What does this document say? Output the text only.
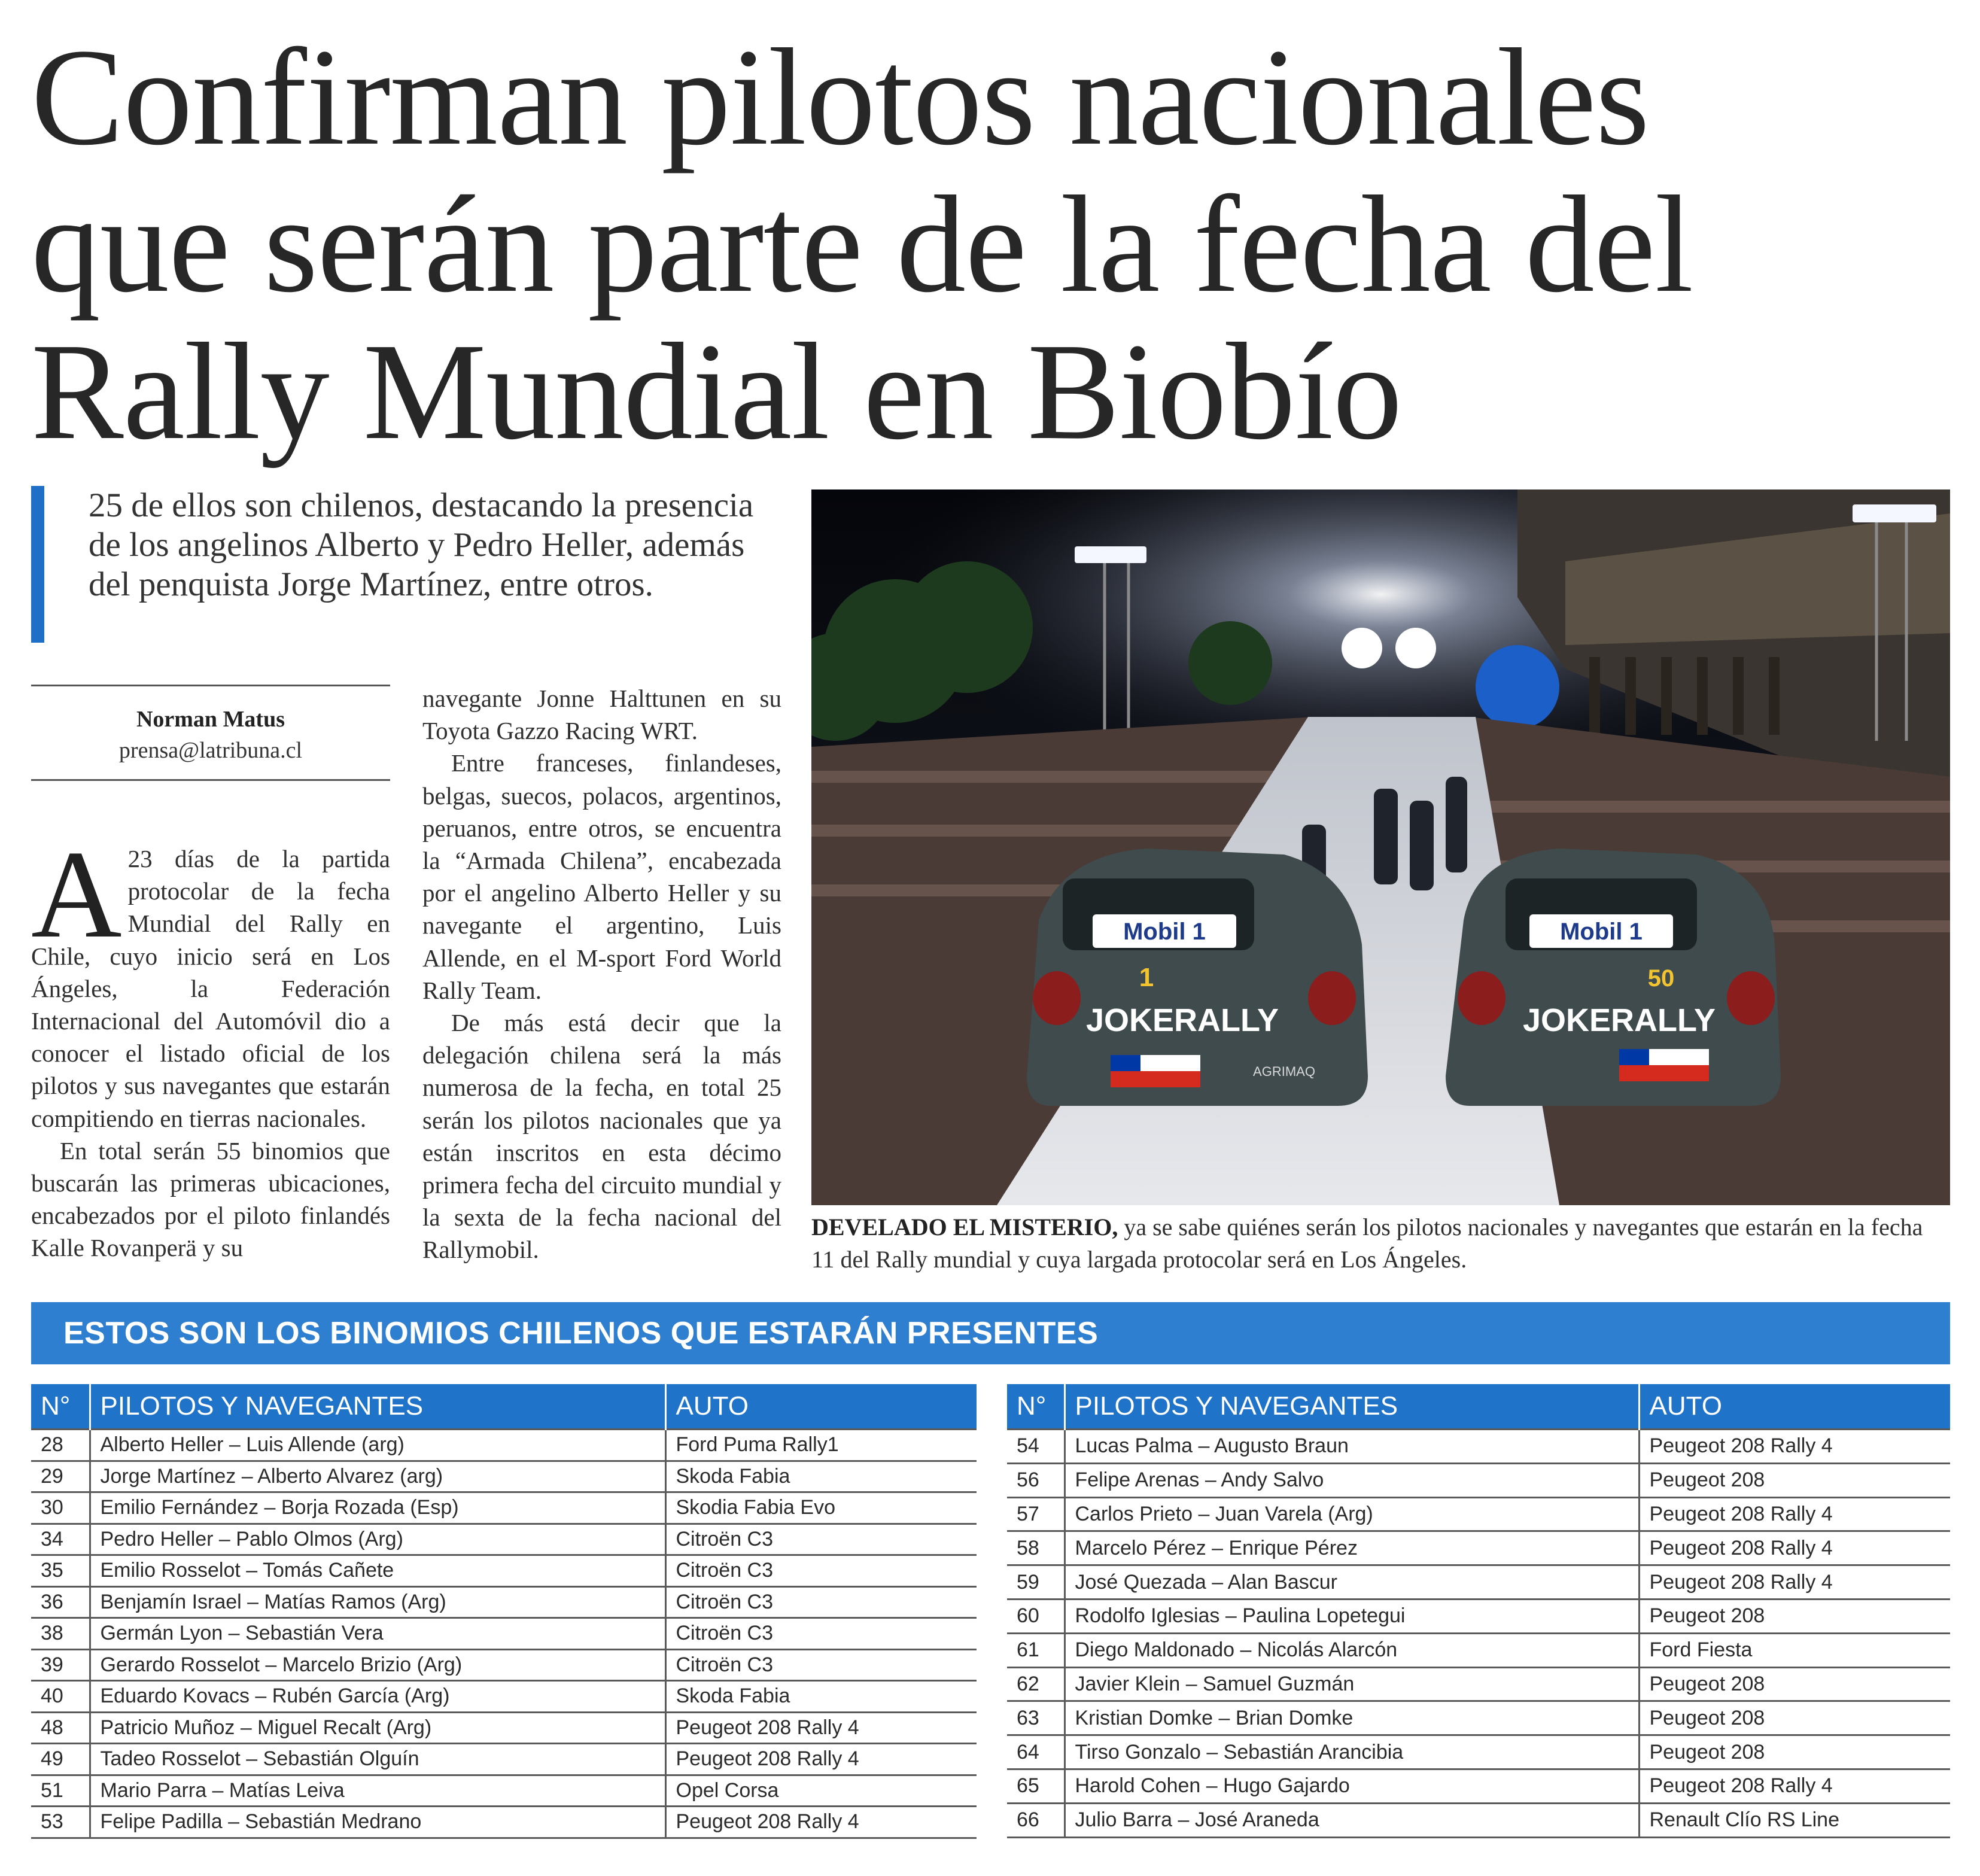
Confirman pilotos nacionales
que serán parte de la fecha del
Rally Mundial en Biobío

25 de ellos son chilenos, destacando la presencia de los angelinos Alberto y Pedro Heller, además del penquista Jorge Martínez, entre otros.

Norman Matus
prensa@latribuna.cl

A 23 días de la partida protocolar de la fecha Mundial del Rally en Chile, cuyo inicio será en Los Ángeles, la Federación Internacional del Automóvil dio a conocer el listado oficial de los pilotos y sus navegantes que estarán compitiendo en tierras nacionales.

En total serán 55 binomios que buscarán las primeras ubicaciones, encabezados por el piloto finlandés Kalle Rovanperä y su

navegante Jonne Halttunen en su Toyota Gazzo Racing WRT.

Entre franceses, finlandeses, belgas, suecos, polacos, argentinos, peruanos, entre otros, se encuentra la “Armada Chilena”, encabezada por el angelino Alberto Heller y su navegante el argentino, Luis Allende, en el M-sport Ford World Rally Team.

De más está decir que la delegación chilena será la más numerosa de la fecha, en total 25 serán los pilotos nacionales que ya están inscritos en esta décimo primera fecha del circuito mundial y la sexta de la fecha nacional del Rallymobil.

Mobil 1
1
JOKERALLY
AGRIMAQ
Mobil 1
50
JOKERALLY
DEVELADO EL MISTERIO, ya se sabe quiénes serán los pilotos nacionales y navegantes que estarán en la fecha 11 del Rally mundial y cuya largada protocolar será en Los Ángeles.
ESTOS SON LOS BINOMIOS CHILENOS QUE ESTARÁN PRESENTES
N°	PILOTOS Y NAVEGANTES	AUTO
28	Alberto Heller – Luis Allende (arg)	Ford Puma Rally1
29	Jorge Martínez – Alberto Alvarez (arg)	Skoda Fabia
30	Emilio Fernández – Borja Rozada (Esp)	Skodia Fabia Evo
34	Pedro Heller – Pablo Olmos (Arg)	Citroën C3
35	Emilio Rosselot – Tomás Cañete	Citroën C3
36	Benjamín Israel – Matías Ramos (Arg)	Citroën C3
38	Germán Lyon – Sebastián Vera	Citroën C3
39	Gerardo Rosselot – Marcelo Brizio (Arg)	Citroën C3
40	Eduardo Kovacs – Rubén García (Arg)	Skoda Fabia
48	Patricio Muñoz – Miguel Recalt (Arg)	Peugeot 208 Rally 4
49	Tadeo Rosselot – Sebastián Olguín	Peugeot 208 Rally 4
51	Mario Parra – Matías Leiva	Opel Corsa
53	Felipe Padilla – Sebastián Medrano	Peugeot 208 Rally 4
N°	PILOTOS Y NAVEGANTES	AUTO
54	Lucas Palma – Augusto Braun	Peugeot 208 Rally 4
56	Felipe Arenas – Andy Salvo	Peugeot 208
57	Carlos Prieto – Juan Varela (Arg)	Peugeot 208 Rally 4
58	Marcelo Pérez – Enrique Pérez	Peugeot 208 Rally 4
59	José Quezada – Alan Bascur	Peugeot 208 Rally 4
60	Rodolfo Iglesias – Paulina Lopetegui	Peugeot 208
61	Diego Maldonado – Nicolás Alarcón	Ford Fiesta
62	Javier Klein – Samuel Guzmán	Peugeot 208
63	Kristian Domke – Brian Domke	Peugeot 208
64	Tirso Gonzalo – Sebastián Arancibia	Peugeot 208
65	Harold Cohen – Hugo Gajardo	Peugeot 208 Rally 4
66	Julio Barra – José Araneda	Renault Clío RS Line
